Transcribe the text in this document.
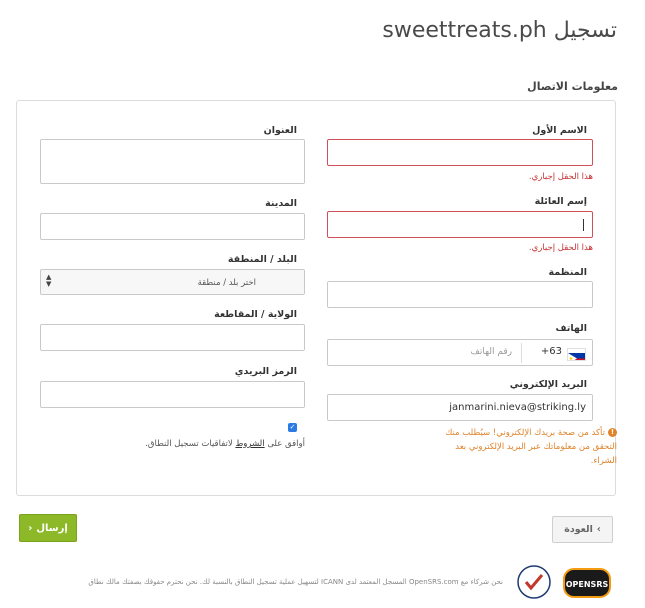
تسجيل sweettreats.ph
معلومات الاتصال
الاسم الأول
هذا الحقل إجباري.
إسم العائلة
هذا الحقل إجباري.
المنظمة
الهاتف
+63
رقم الهاتف
البريد الإلكتروني
janmarini.nieva@striking.ly
!تأكد من صحة بريدك الإلكتروني! سيُطلب منك
التحقق من معلوماتك عبر البريد الإلكتروني بعد
الشراء.
العنوان
المدينة
البلد / المنطقة
اختر بلد / منطقة
▲
▼
الولاية / المقاطعة
الرمز البريدي
✓
أوافق على الشروط لاتفاقيات تسجيل النطاق.
إرسال
‹	›
العودة
نحن شركاء مع OpenSRS.com المسجل المعتمد لدى ICANN لتسهيل عملية تسجيل النطاق بالنسبة لك. نحن نحترم حقوقك بصفتك مالك نطاق	OPENSRS
